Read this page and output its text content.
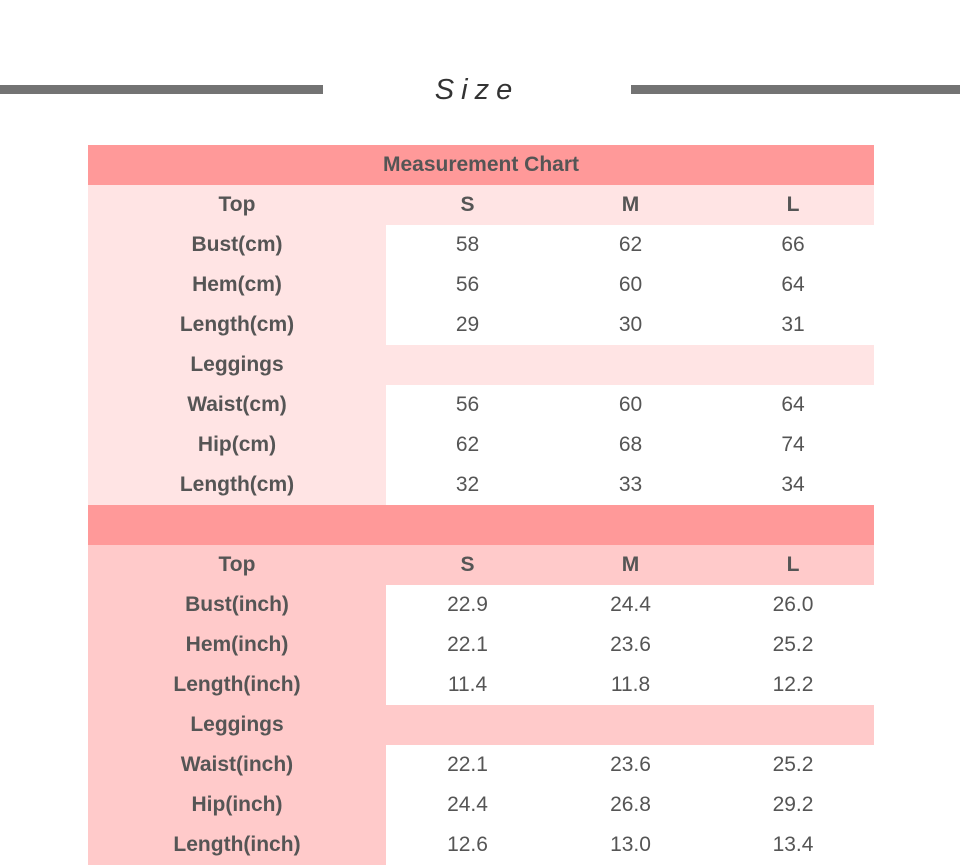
Size
Measurement Chart
Top	S	M	L
Bust(cm)	58	62	66
Hem(cm)	56	60	64
Length(cm)	29	30	31
Leggings
Waist(cm)	56	60	64
Hip(cm)	62	68	74
Length(cm)	32	33	34
Top	S	M	L
Bust(inch)	22.9	24.4	26.0
Hem(inch)	22.1	23.6	25.2
Length(inch)	11.4	11.8	12.2
Leggings
Waist(inch)	22.1	23.6	25.2
Hip(inch)	24.4	26.8	29.2
Length(inch)	12.6	13.0	13.4
